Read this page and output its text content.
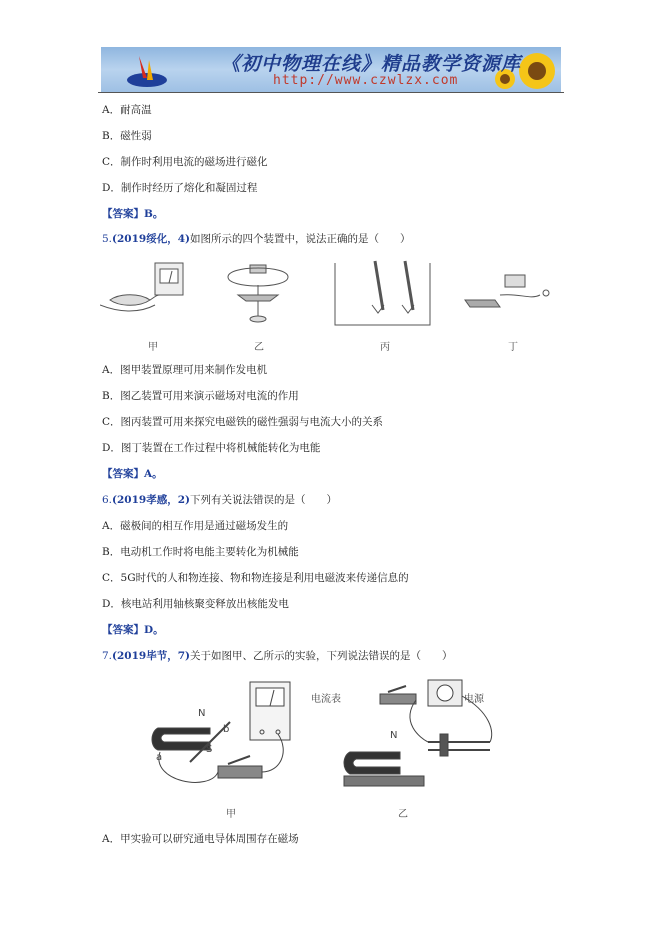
《初中物理在线》精品教学资源库
http://www.czwlzx.com
A．耐高温
B．磁性弱
C．制作时利用电流的磁场进行磁化
D．制作时经历了熔化和凝固过程
【答案】B。
5.(2019绥化，4)如图所示的四个装置中，说法正确的是（　　）
甲	乙	丙	丁
A．图甲装置原理可用来制作发电机
B．图乙装置可用来演示磁场对电流的作用
C．图丙装置可用来探究电磁铁的磁性强弱与电流大小的关系
D．图丁装置在工作过程中将机械能转化为电能
【答案】A。
6.(2019孝感，2)下列有关说法错误的是（　　）
A．磁极间的相互作用是通过磁场发生的
B．电动机工作时将电能主要转化为机械能
C．5G时代的人和物连接、物和物连接是利用电磁波来传递信息的
D．核电站利用轴核聚变释放出核能发电
【答案】D。
7.(2019毕节，7)关于如图甲、乙所示的实验，下列说法错误的是（　　）
电流表	电源
N
S
a
b
N
甲	乙
A．甲实验可以研究通电导体周围存在磁场
